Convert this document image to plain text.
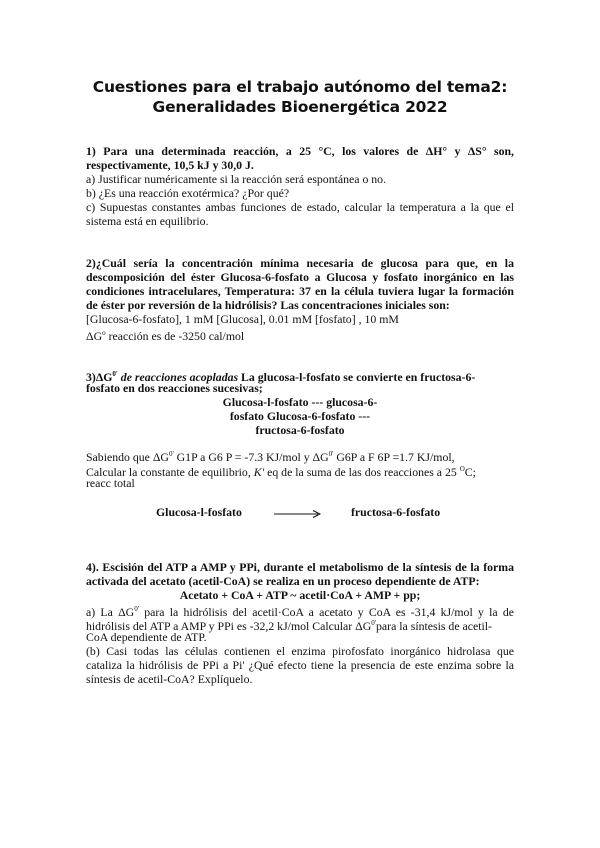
Cuestiones para el trabajo autónomo del tema2:
Generalidades Bioenergética 2022
1) Para una determinada reacción, a 25 °C, los valores de ΔH° y ΔS° son,
respectivamente, 10,5 kJ y 30,0 J.
a) Justificar numéricamente si la reacción será espontánea o no.
b) ¿Es una reacción exotérmica? ¿Por qué?
c) Supuestas constantes ambas funciones de estado, calcular la temperatura a la que el
sistema está en equilibrio.
2)¿Cuál sería la concentración mínima necesaria de glucosa para que, en la
descomposición del éster Glucosa-6-fosfato a Glucosa y fosfato inorgánico en las
condiciones intracelulares, Temperatura: 37 en la célula tuviera lugar la formación
de éster por reversión de la hidrólisis? Las concentraciones iniciales son:
[Glucosa-6-fosfato], 1 mM [Glucosa], 0.01 mM [fosfato] , 10 mM
$\Delta G^o$ reacción es de -3250 cal/mol
$3)\Delta G^{0'}$ de reacciones acopladas La glucosa-l-fosfato se convierte en fructosa-6-
fosfato en dos reacciones sucesivas;
Glucosa-l-fosfato --- glucosa-6-
fosfato Glucosa-6-fosfato ---
fructosa-6-fosfato
Sabiendo que $\Delta G^{0'}$ G1P a G6 P = -7.3 KJ/mol y $\Delta G^{0'}$ G6P a F 6P =1.7 KJ/mol,
Calcular la constante de equilibrio, K' eq de la suma de las dos reacciones a 25 $^O$C;
reacc total
Glucosa-l-fosfato	fructosa-6-fosfato
4). Escisión del ATP a AMP y PPi, durante el metabolismo de la síntesis de la forma
activada del acetato (acetil-CoA) se realiza en un proceso dependiente de ATP:
Acetato + CoA + ATP ~ acetil·CoA + AMP + pp;
a) La $\Delta G^{0'}$ para la hidrólisis del acetil·CoA a acetato y CoA es -31,4 kJ/mol y la de
hidrólisis del ATP a AMP y PPi es -32,2 kJ/mol Calcular $\Delta G^{0'}para$ la síntesis de acetil-
CoA dependiente de ATP.
(b) Casi todas las células contienen el enzima pirofosfato inorgánico hidrolasa que
cataliza la hidrólisis de PPi a Pi' ¿Qué efecto tiene la presencia de este enzima sobre la
síntesis de acetil-CoA? Explíquelo.
